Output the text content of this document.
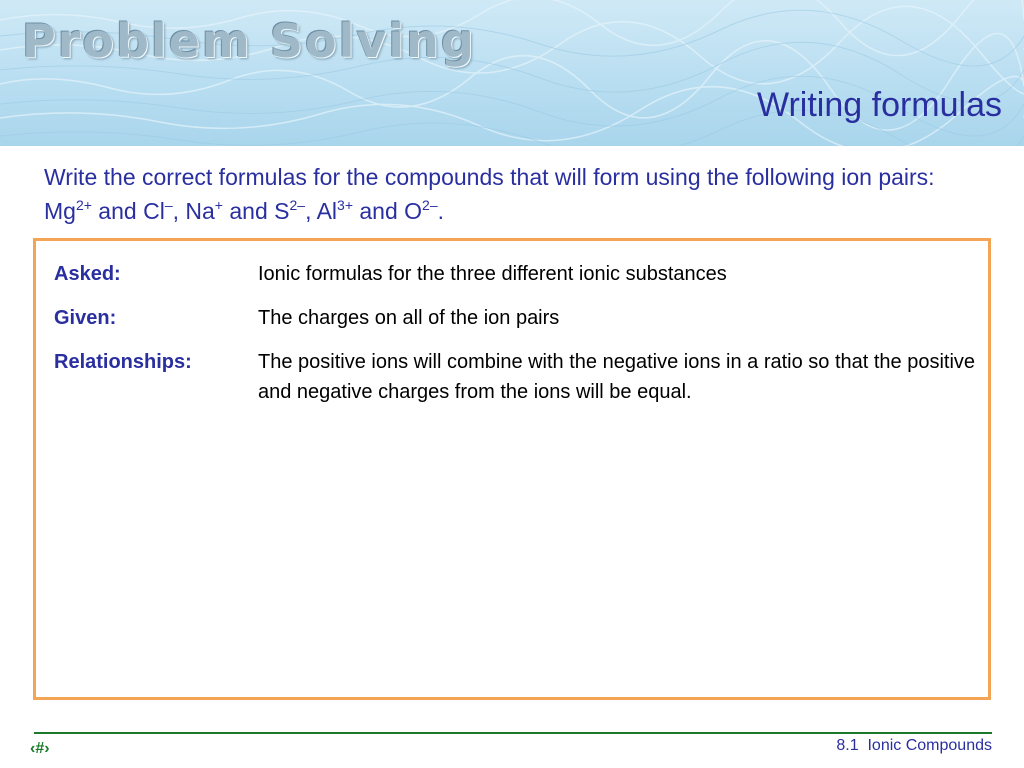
Problem Solving
Writing formulas
Write the correct formulas for the compounds that will form using the following ion pairs: $Mg^{2+}$ and Cl–, Na+ and $S^{2-}$, $Al^{3+}$ and $O^{2-}$.
Asked:	Ionic formulas for the three different ionic substances
Given:	The charges on all of the ion pairs
Relationships:	The positive ions will combine with the negative ions in a ratio so that the positive and negative charges from the ions will be equal.
‹#›	8.1  Ionic Compounds
